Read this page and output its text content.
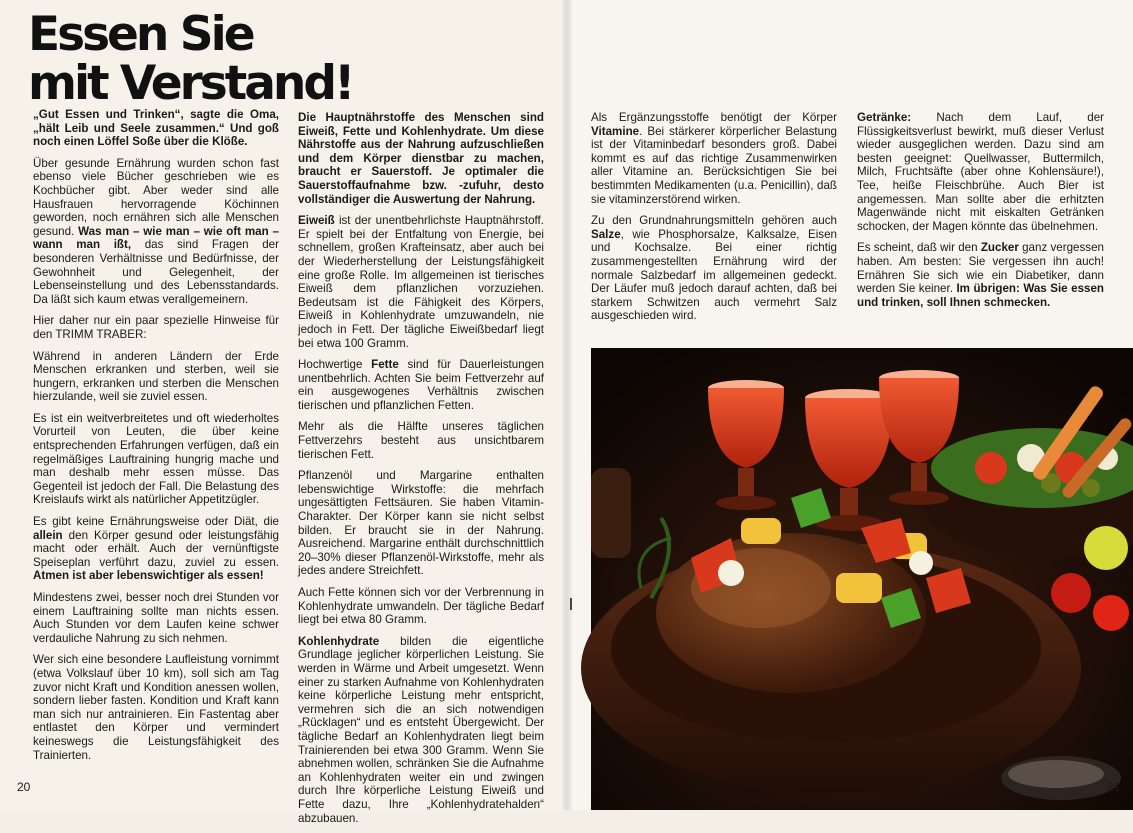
Essen Sie
mit Verstand!

„Gut Essen und Trinken“, sagte die Oma, „hält Leib und Seele zusammen.“ Und goß noch einen Löffel Soße über die Klöße.

Über gesunde Ernährung wurden schon fast ebenso viele Bücher geschrieben wie es Kochbücher gibt. Aber weder sind alle Hausfrauen hervorragende Köchinnen geworden, noch ernähren sich alle Menschen gesund. Was man – wie man – wie oft man – wann man ißt, das sind Fragen der besonderen Verhältnisse und Bedürfnisse, der Gewohnheit und Gelegenheit, der Lebenseinstellung und des Lebensstandards. Da läßt sich kaum etwas verallgemeinern.

Hier daher nur ein paar spezielle Hinweise für den TRIMM TRABER:

Während in anderen Ländern der Erde Menschen erkranken und sterben, weil sie hungern, erkranken und sterben die Menschen hierzulande, weil sie zuviel essen.

Es ist ein weitverbreitetes und oft wiederholtes Vorurteil von Leuten, die über keine entsprechenden Erfahrungen verfügen, daß ein regelmäßiges Lauftraining hungrig mache und man deshalb mehr essen müsse. Das Gegenteil ist jedoch der Fall. Die Belastung des Kreislaufs wirkt als natürlicher Appetitzügler.

Es gibt keine Ernährungsweise oder Diät, die allein den Körper gesund oder leistungsfähig macht oder erhält. Auch der vernünftigste Speiseplan verführt dazu, zuviel zu essen. Atmen ist aber lebenswichtiger als essen!

Mindestens zwei, besser noch drei Stunden vor einem Lauftraining sollte man nichts essen. Auch Stunden vor dem Laufen keine schwer verdauliche Nahrung zu sich nehmen.

Wer sich eine besondere Laufleistung vornimmt (etwa Volkslauf über 10 km), soll sich am Tag zuvor nicht Kraft und Kondition anessen wollen, sondern lieber fasten. Kondition und Kraft kann man sich nur antrainieren. Ein Fastentag aber entlastet den Körper und vermindert keineswegs die Leistungsfähigkeit des Trainierten.

Die Hauptnährstoffe des Menschen sind Eiweiß, Fette und Kohlenhydrate. Um diese Nährstoffe aus der Nahrung aufzuschließen und dem Körper dienstbar zu machen, braucht er Sauerstoff. Je optimaler die Sauerstoffaufnahme bzw. -zufuhr, desto vollständiger die Auswertung der Nahrung.

Eiweiß ist der unentbehrlichste Hauptnährstoff. Er spielt bei der Entfaltung von Energie, bei schnellem, großen Krafteinsatz, aber auch bei der Wiederherstellung der Leistungsfähigkeit eine große Rolle. Im allgemeinen ist tierisches Eiweiß dem pflanzlichen vorzuziehen. Bedeutsam ist die Fähigkeit des Körpers, Eiweiß in Kohlenhydrate umzuwandeln, nie jedoch in Fett. Der tägliche Eiweißbedarf liegt bei etwa 100 Gramm.

Hochwertige Fette sind für Dauerleistungen unentbehrlich. Achten Sie beim Fettverzehr auf ein ausgewogenes Verhältnis zwischen tierischen und pflanzlichen Fetten.

Mehr als die Hälfte unseres täglichen Fettverzehrs besteht aus unsichtbarem tierischen Fett.

Pflanzenöl und Margarine enthalten lebenswichtige Wirkstoffe: die mehrfach ungesättigten Fettsäuren. Sie haben Vitamin-Charakter. Der Körper kann sie nicht selbst bilden. Er braucht sie in der Nahrung. Ausreichend. Margarine enthält durchschnittlich 20–30% dieser Pflanzenöl-Wirkstoffe, mehr als jedes andere Streichfett.

Auch Fette können sich vor der Verbrennung in Kohlenhydrate umwandeln. Der tägliche Bedarf liegt bei etwa 80 Gramm.

Kohlenhydrate bilden die eigentliche Grundlage jeglicher körperlichen Leistung. Sie werden in Wärme und Arbeit umgesetzt. Wenn einer zu starken Aufnahme von Kohlenhydraten keine körperliche Leistung mehr entspricht, vermehren sich die an sich notwendigen „Rücklagen“ und es entsteht Übergewicht. Der tägliche Bedarf an Kohlenhydraten liegt beim Trainierenden bei etwa 300 Gramm. Wenn Sie abnehmen wollen, schränken Sie die Aufnahme an Kohlenhydraten weiter ein und zwingen durch Ihre körperliche Leistung Eiweiß und Fette dazu, Ihre „Kohlenhydratehalden“ abzubauen.

Als Ergänzungsstoffe benötigt der Körper Vitamine. Bei stärkerer körperlicher Belastung ist der Vitaminbedarf besonders groß. Dabei kommt es auf das richtige Zusammenwirken aller Vitamine an. Berücksichtigen Sie bei bestimmten Medikamenten (u.a. Penicillin), daß sie vitaminzerstörend wirken.

Zu den Grundnahrungsmitteln gehören auch Salze, wie Phosphorsalze, Kalksalze, Eisen und Kochsalze. Bei einer richtig zusammengestellten Ernährung wird der normale Salzbedarf im allgemeinen gedeckt. Der Läufer muß jedoch darauf achten, daß bei starkem Schwitzen auch vermehrt Salz ausgeschieden wird.

Getränke: Nach dem Lauf, der Flüssigkeitsverlust bewirkt, muß dieser Verlust wieder ausgeglichen werden. Dazu sind am besten geeignet: Quellwasser, Buttermilch, Milch, Fruchtsäfte (aber ohne Kohlensäure!), Tee, heiße Fleischbrühe. Auch Bier ist angemessen. Man sollte aber die erhitzten Magenwände nicht mit eiskalten Getränken schocken, der Magen könnte das übelnehmen.

Es scheint, daß wir den Zucker ganz vergessen haben. Am besten: Sie vergessen ihn auch! Ernähren Sie sich wie ein Diabetiker, dann werden Sie keiner. Im übrigen: Was Sie essen und trinken, soll Ihnen schmecken.

20	21
